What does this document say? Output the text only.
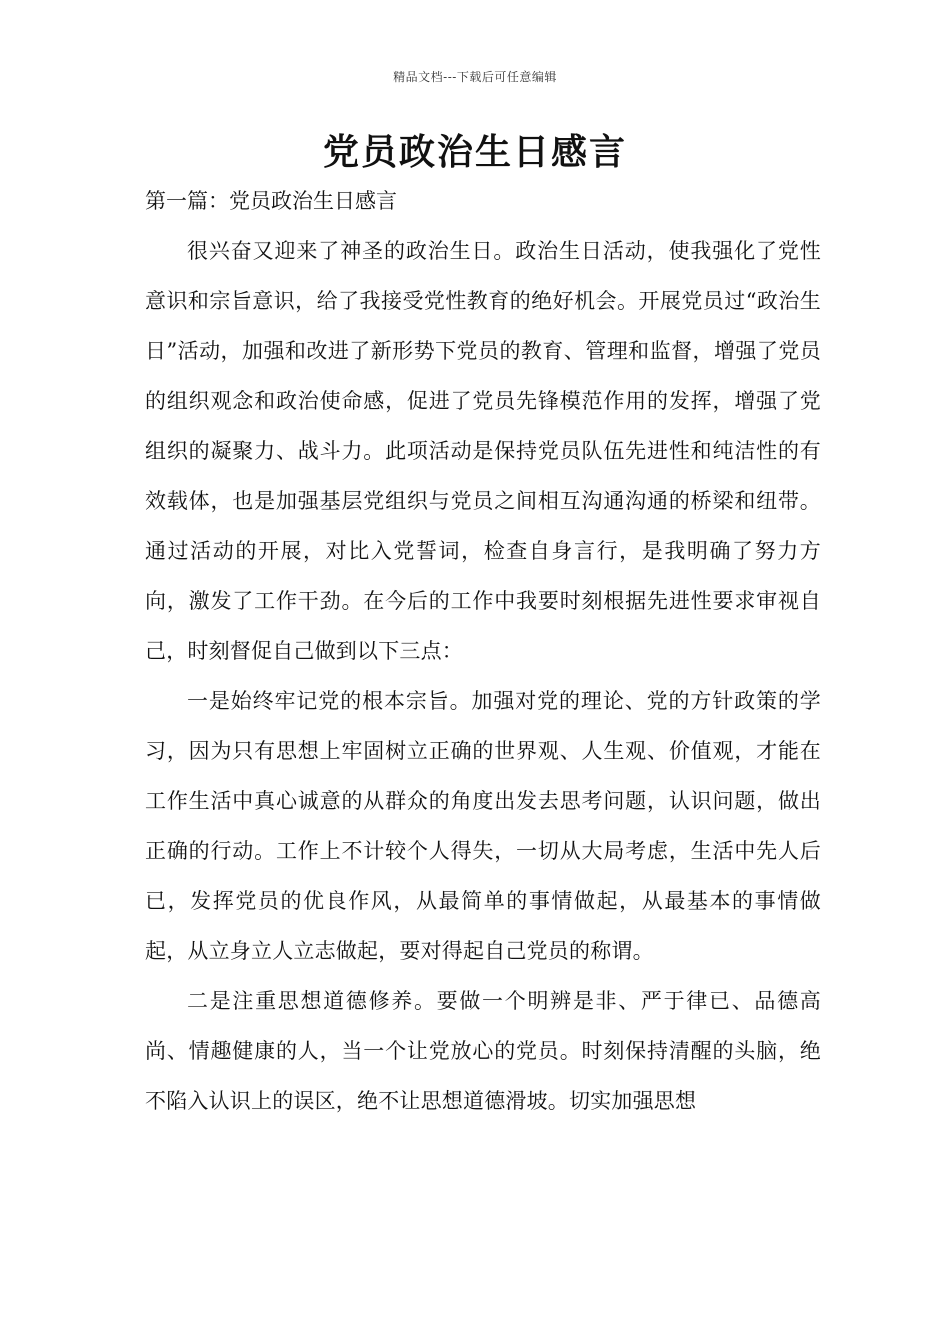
精品文档---下载后可任意编辑
党员政治生日感言

第一篇：党员政治生日感言

很兴奋又迎来了神圣的政治生日。政治生日活动，使我强化了党性意识和宗旨意识，给了我接受党性教育的绝好机会。开展党员过“政治生日”活动，加强和改进了新形势下党员的教育、管理和监督，增强了党员的组织观念和政治使命感，促进了党员先锋模范作用的发挥，增强了党组织的凝聚力、战斗力。此项活动是保持党员队伍先进性和纯洁性的有效载体，也是加强基层党组织与党员之间相互沟通沟通的桥梁和纽带。通过活动的开展，对比入党誓词，检查自身言行，是我明确了努力方向，激发了工作干劲。在今后的工作中我要时刻根据先进性要求审视自己，时刻督促自己做到以下三点：

一是始终牢记党的根本宗旨。加强对党的理论、党的方针政策的学习，因为只有思想上牢固树立正确的世界观、人生观、价值观，才能在工作生活中真心诚意的从群众的角度出发去思考问题，认识问题，做出正确的行动。工作上不计较个人得失，一切从大局考虑，生活中先人后已，发挥党员的优良作风，从最简单的事情做起，从最基本的事情做起，从立身立人立志做起，要对得起自己党员的称谓。

二是注重思想道德修养。要做一个明辨是非、严于律已、品德高尚、情趣健康的人，当一个让党放心的党员。时刻保持清醒的头脑，绝不陷入认识上的误区，绝不让思想道德滑坡。切实加强思想
